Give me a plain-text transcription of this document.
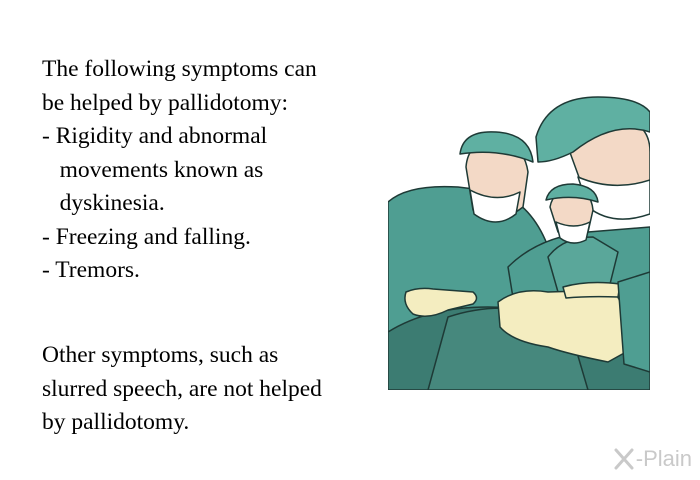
The following symptoms can
be helped by pallidotomy:
- Rigidity and abnormal
movements known as
dyskinesia.
- Freezing and falling.
- Tremors.
Other symptoms, such as
slurred speech, are not helped
by pallidotomy.
-Plain
